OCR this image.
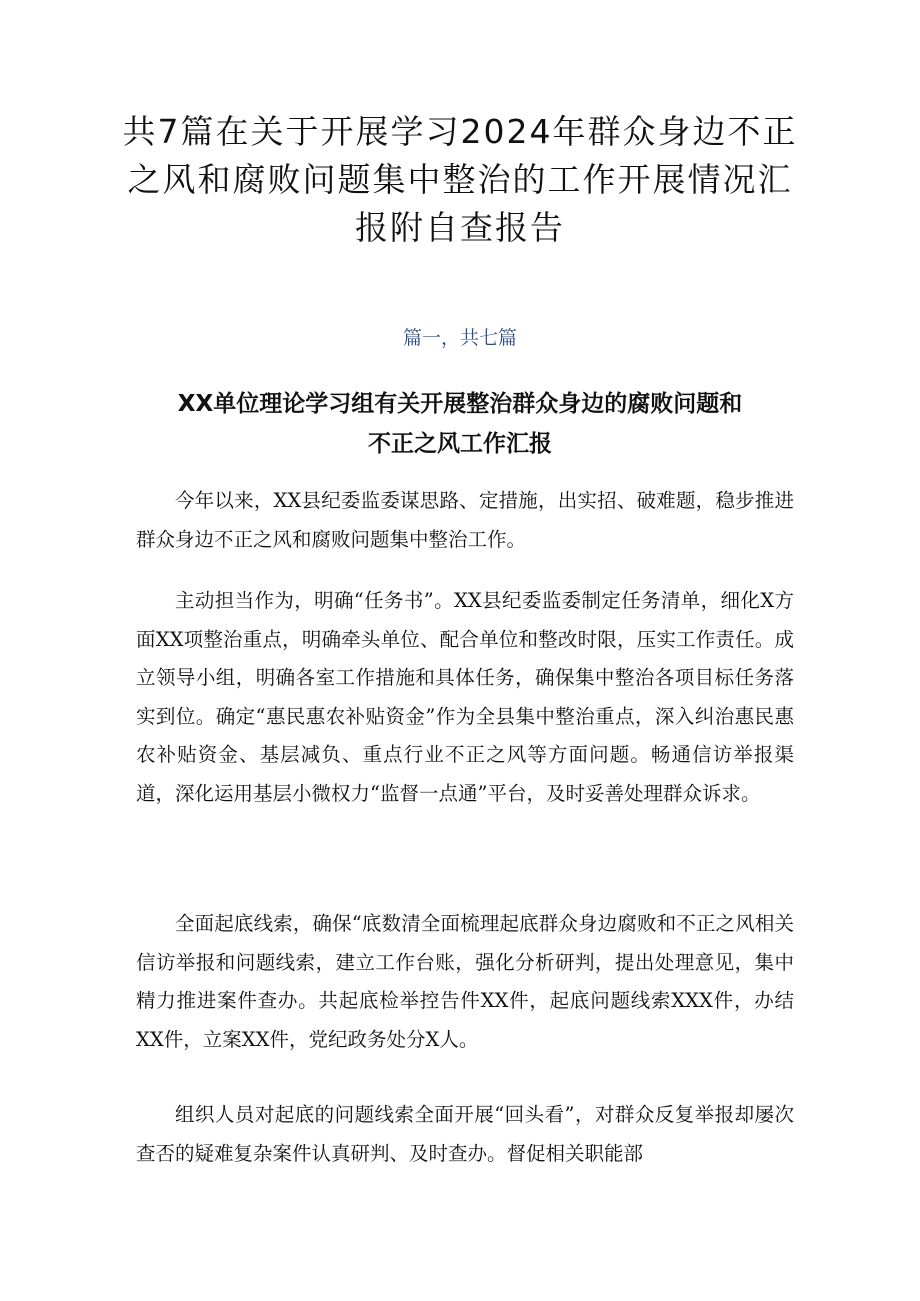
共7篇在关于开展学习2024年群众身边不正之风和腐败问题集中整治的工作开展情况汇报附自查报告

篇一，共七篇

XX单位理论学习组有关开展整治群众身边的腐败问题和不正之风工作汇报

今年以来，XX县纪委监委谋思路、定措施，出实招、破难题，稳步推进群众身边不正之风和腐败问题集中整治工作。

主动担当作为，明确“任务书”。XX县纪委监委制定任务清单，细化X方面XX项整治重点，明确牵头单位、配合单位和整改时限，压实工作责任。成立领导小组，明确各室工作措施和具体任务，确保集中整治各项目标任务落实到位。确定“惠民惠农补贴资金”作为全县集中整治重点，深入纠治惠民惠农补贴资金、基层减负、重点行业不正之风等方面问题。畅通信访举报渠道，深化运用基层小微权力“监督一点通”平台，及时妥善处理群众诉求。

全面起底线索，确保“底数清全面梳理起底群众身边腐败和不正之风相关信访举报和问题线索，建立工作台账，强化分析研判，提出处理意见，集中精力推进案件查办。共起底检举控告件XX件，起底问题线索XXX件，办结XX件，立案XX件，党纪政务处分X人。

组织人员对起底的问题线索全面开展“回头看”，对群众反复举报却屡次查否的疑难复杂案件认真研判、及时查办。督促相关职能部
